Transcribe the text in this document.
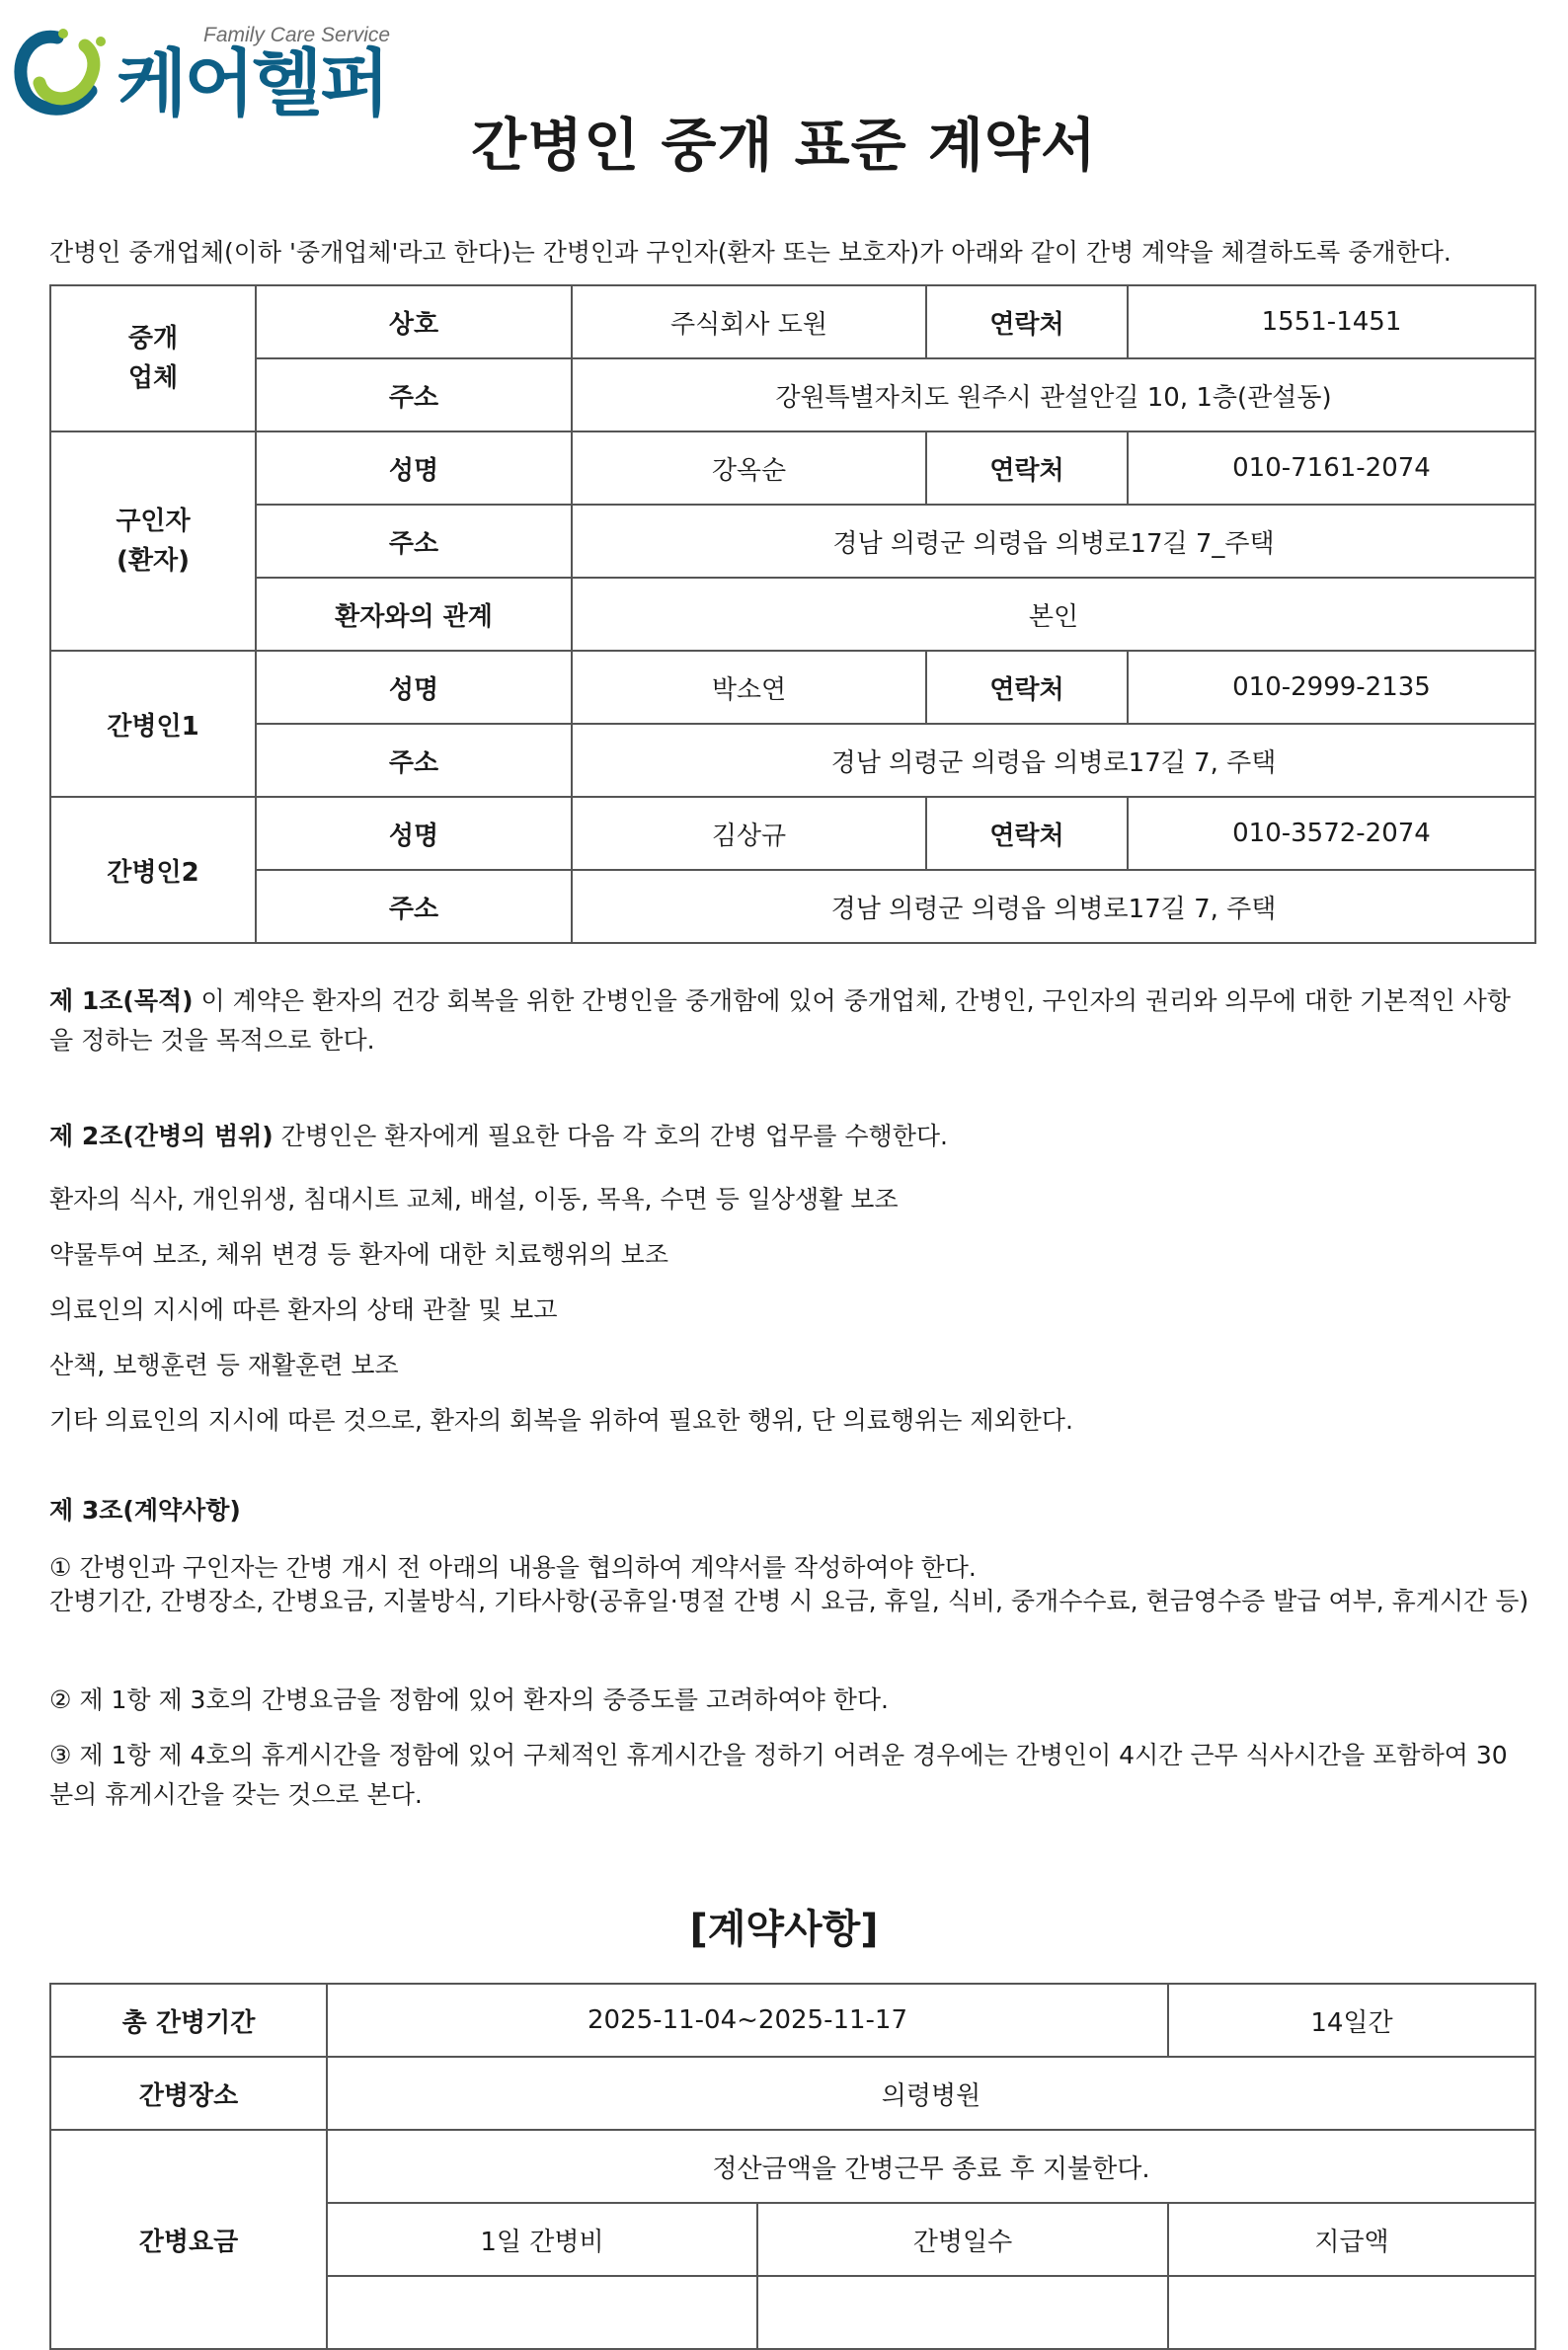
Family Care Service
케어헬퍼
간병인 중개 표준 계약서
간병인 중개업체(이하 '중개업체'라고 한다)는 간병인과 구인자(환자 또는 보호자)가 아래와 같이 간병 계약을 체결하도록 중개한다.
중개
업체	상호	주식회사 도원	연락처	1551-1451
	주소	강원특별자치도 원주시 관설안길 10, 1층(관설동)		
구인자
(환자)	성명	강옥순	연락처	010-7161-2074
	주소	경남 의령군 의령읍 의병로17길 7_주택		
	환자와의 관계	본인		
간병인1	성명	박소연	연락처	010-2999-2135
	주소	경남 의령군 의령읍 의병로17길 7, 주택		
간병인2	성명	김상규	연락처	010-3572-2074
	주소	경남 의령군 의령읍 의병로17길 7, 주택		
제 1조(목적) 이 계약은 환자의 건강 회복을 위한 간병인을 중개함에 있어 중개업체, 간병인, 구인자의 권리와 의무에 대한 기본적인 사항을 정하는 것을 목적으로 한다.
제 2조(간병의 범위) 간병인은 환자에게 필요한 다음 각 호의 간병 업무를 수행한다.
환자의 식사, 개인위생, 침대시트 교체, 배설, 이동, 목욕, 수면 등 일상생활 보조
약물투여 보조, 체위 변경 등 환자에 대한 치료행위의 보조
의료인의 지시에 따른 환자의 상태 관찰 및 보고
산책, 보행훈련 등 재활훈련 보조
기타 의료인의 지시에 따른 것으로, 환자의 회복을 위하여 필요한 행위, 단 의료행위는 제외한다.
제 3조(계약사항)
① 간병인과 구인자는 간병 개시 전 아래의 내용을 협의하여 계약서를 작성하여야 한다.
간병기간, 간병장소, 간병요금, 지불방식, 기타사항(공휴일·명절 간병 시 요금, 휴일, 식비, 중개수수료, 현금영수증 발급 여부, 휴게시간 등)
② 제 1항 제 3호의 간병요금을 정함에 있어 환자의 중증도를 고려하여야 한다.
③ 제 1항 제 4호의 휴게시간을 정함에 있어 구체적인 휴게시간을 정하기 어려운 경우에는 간병인이 4시간 근무 식사시간을 포함하여 30분의 휴게시간을 갖는 것으로 본다.
[계약사항]
총 간병기간	2025-11-04~2025-11-17		14일간
간병장소	의령병원		
간병요금	정산금액을 간병근무 종료 후 지불한다.		
	1일 간병비	간병일수	지급액
